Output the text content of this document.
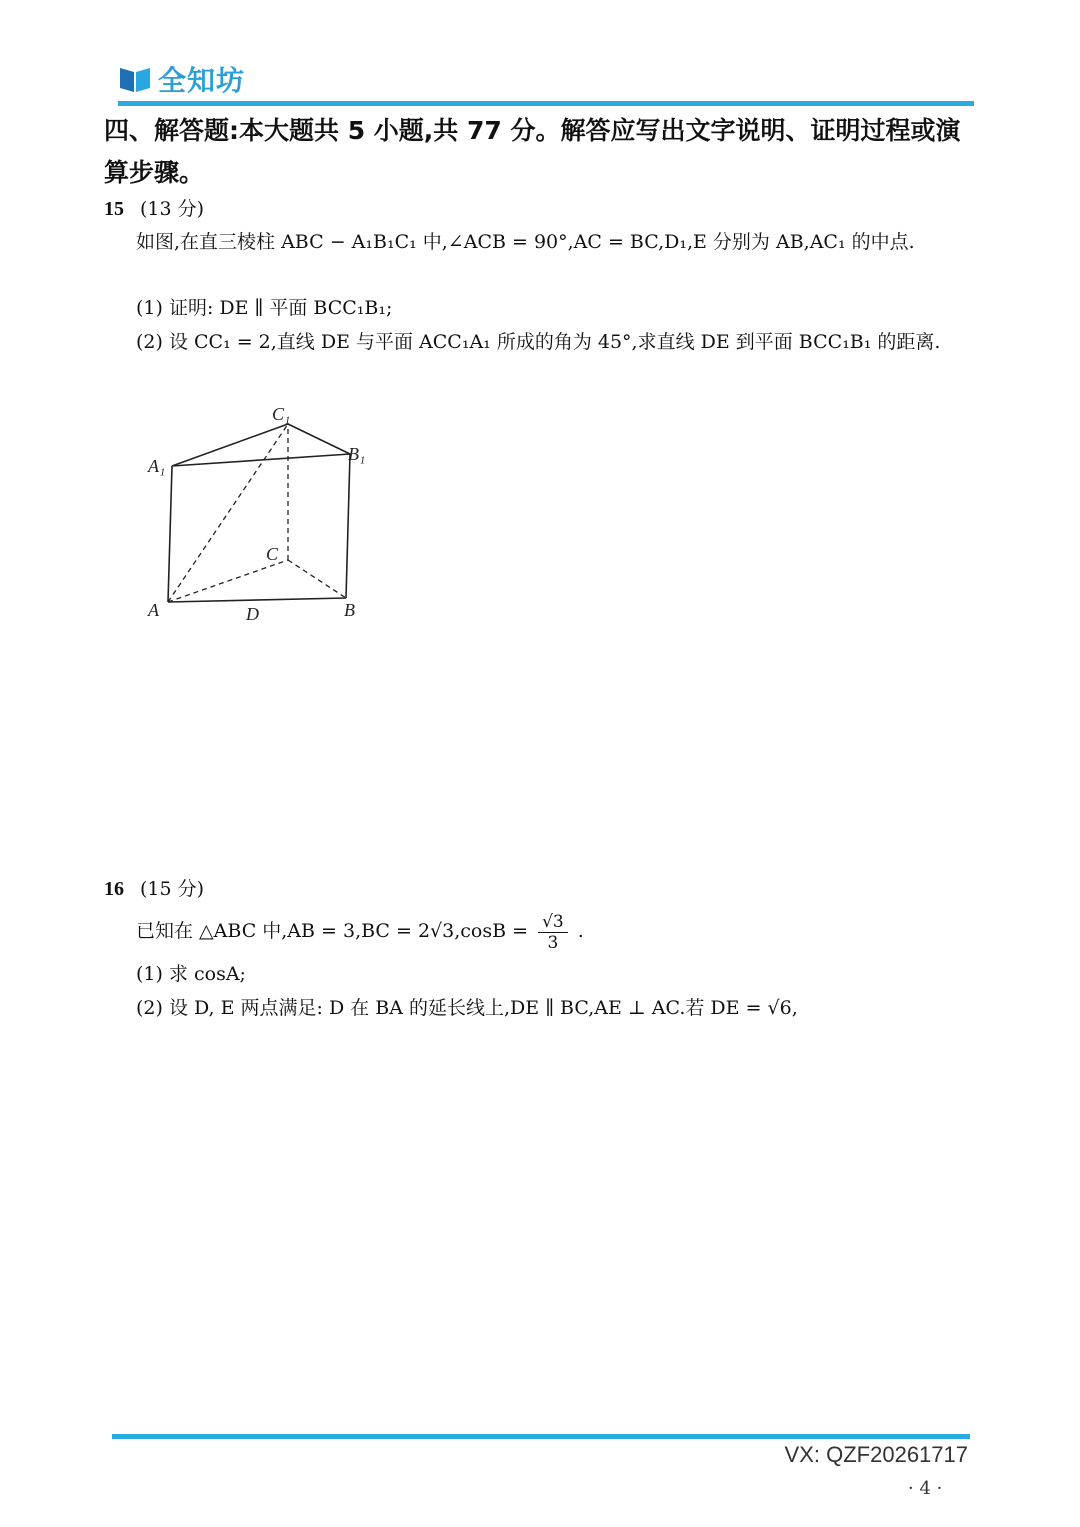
全知坊
四、解答题:本大题共 5 小题,共 77 分。解答应写出文字说明、证明过程或演算步骤。
15 (13 分)
如图,在直三棱柱 ABC − A₁B₁C₁ 中,∠ACB = 90°,AC = BC,D₁,E 分别为 AB,AC₁ 的中点.
(1) 证明: DE ∥ 平面 BCC₁B₁;
(2) 设 CC₁ = 2,直线 DE 与平面 ACC₁A₁ 所成的角为 45°,求直线 DE 到平面 BCC₁B₁ 的距离.
C₁
A₁
B₁
C
A	D	B
16 (15 分)
已知在 △ABC 中$,AB = 3,BC = 2√3,\cos B = \frac{√3}{3}$ .
(1) 求 cosA;
(2) 设 D, E 两点满足: D 在 BA 的延长线上,DE ∥ BC,AE ⊥ AC.若 DE = √6,
VX: QZF20261717
· 4 ·
